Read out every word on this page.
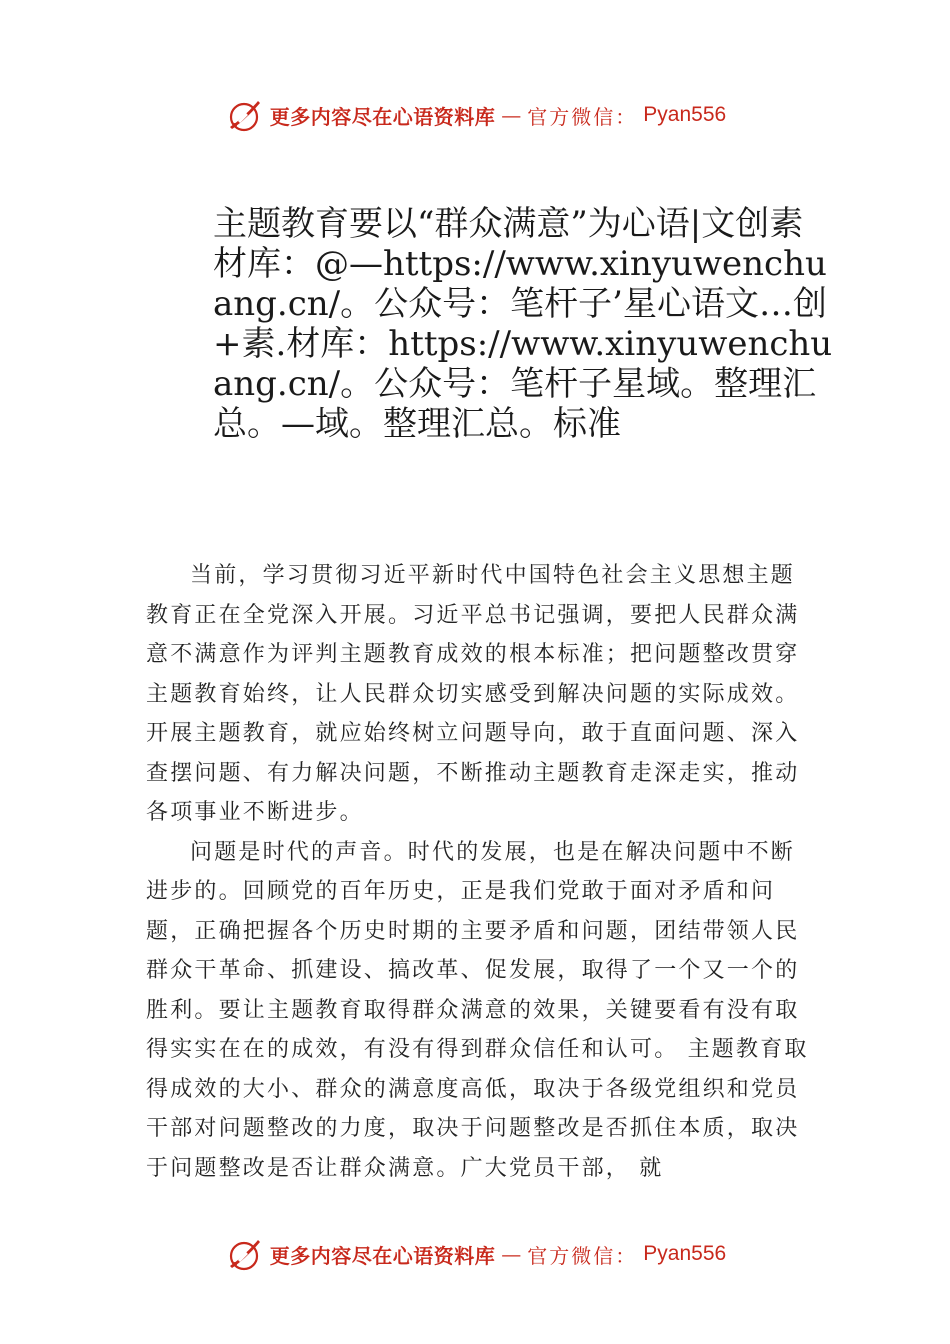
更多内容尽在心语资料库 — 官方微信： Pyan556
主题教育要以“群众满意”为心语|文创素材库：@—https://www.xinyuwenchuang.cn/。公众号：笔杆子’星心语文…创+素.材库：https://www.xinyuwenchuang.cn/。公众号：笔杆子星域。整理汇总。—域。整理汇总。标准

当前，学习贯彻习近平新时代中国特色社会主义思想主题教育正在全党深入开展。习近平总书记强调，要把人民群众满意不满意作为评判主题教育成效的根本标准；把问题整改贯穿主题教育始终，让人民群众切实感受到解决问题的实际成效。开展主题教育，就应始终树立问题导向，敢于直面问题、深入查摆问题、有力解决问题，不断推动主题教育走深走实，推动各项事业不断进步。

问题是时代的声音。时代的发展，也是在解决问题中不断进步的。回顾党的百年历史，正是我们党敢于面对矛盾和问题，正确把握各个历史时期的主要矛盾和问题，团结带领人民群众干革命、抓建设、搞改革、促发展，取得了一个又一个的胜利。要让主题教育取得群众满意的效果，关键要看有没有取得实实在在的成效，有没有得到群众信任和认可。 主题教育取得成效的大小、群众的满意度高低，取决于各级党组织和党员干部对问题整改的力度，取决于问题整改是否抓住本质，取决于问题整改是否让群众满意。广大党员干部， 就

更多内容尽在心语资料库 — 官方微信： Pyan556
